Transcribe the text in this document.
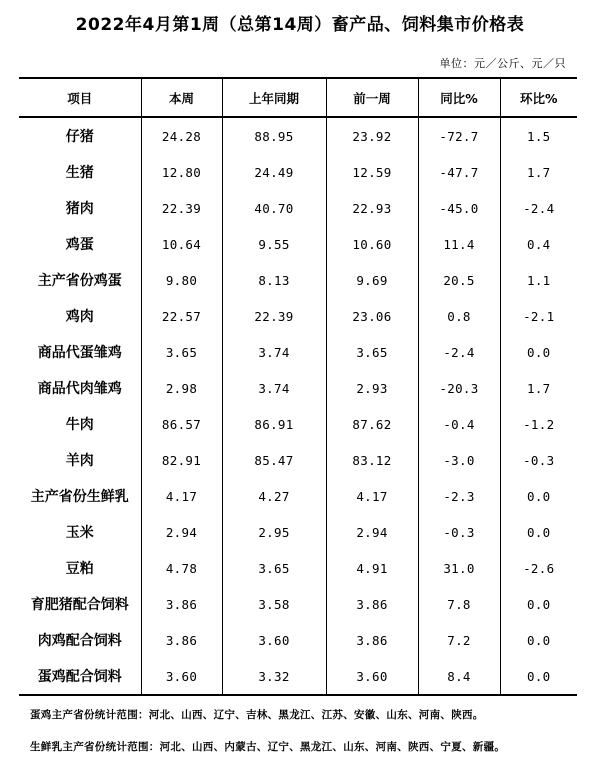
2022年4月第1周（总第14周）畜产品、饲料集市价格表
单位：元／公斤、元／只
项目	本周	上年同期	前一周	同比%	环比%
仔猪	24.28	88.95	23.92	-72.7	1.5
生猪	12.80	24.49	12.59	-47.7	1.7
猪肉	22.39	40.70	22.93	-45.0	-2.4
鸡蛋	10.64	9.55	10.60	11.4	0.4
主产省份鸡蛋	9.80	8.13	9.69	20.5	1.1
鸡肉	22.57	22.39	23.06	0.8	-2.1
商品代蛋雏鸡	3.65	3.74	3.65	-2.4	0.0
商品代肉雏鸡	2.98	3.74	2.93	-20.3	1.7
牛肉	86.57	86.91	87.62	-0.4	-1.2
羊肉	82.91	85.47	83.12	-3.0	-0.3
主产省份生鲜乳	4.17	4.27	4.17	-2.3	0.0
玉米	2.94	2.95	2.94	-0.3	0.0
豆粕	4.78	3.65	4.91	31.0	-2.6
育肥猪配合饲料	3.86	3.58	3.86	7.8	0.0
肉鸡配合饲料	3.86	3.60	3.86	7.2	0.0
蛋鸡配合饲料	3.60	3.32	3.60	8.4	0.0
蛋鸡主产省份统计范围：河北、山西、辽宁、吉林、黑龙江、江苏、安徽、山东、河南、陕西。
生鲜乳主产省份统计范围：河北、山西、内蒙古、辽宁、黑龙江、山东、河南、陕西、宁夏、新疆。
